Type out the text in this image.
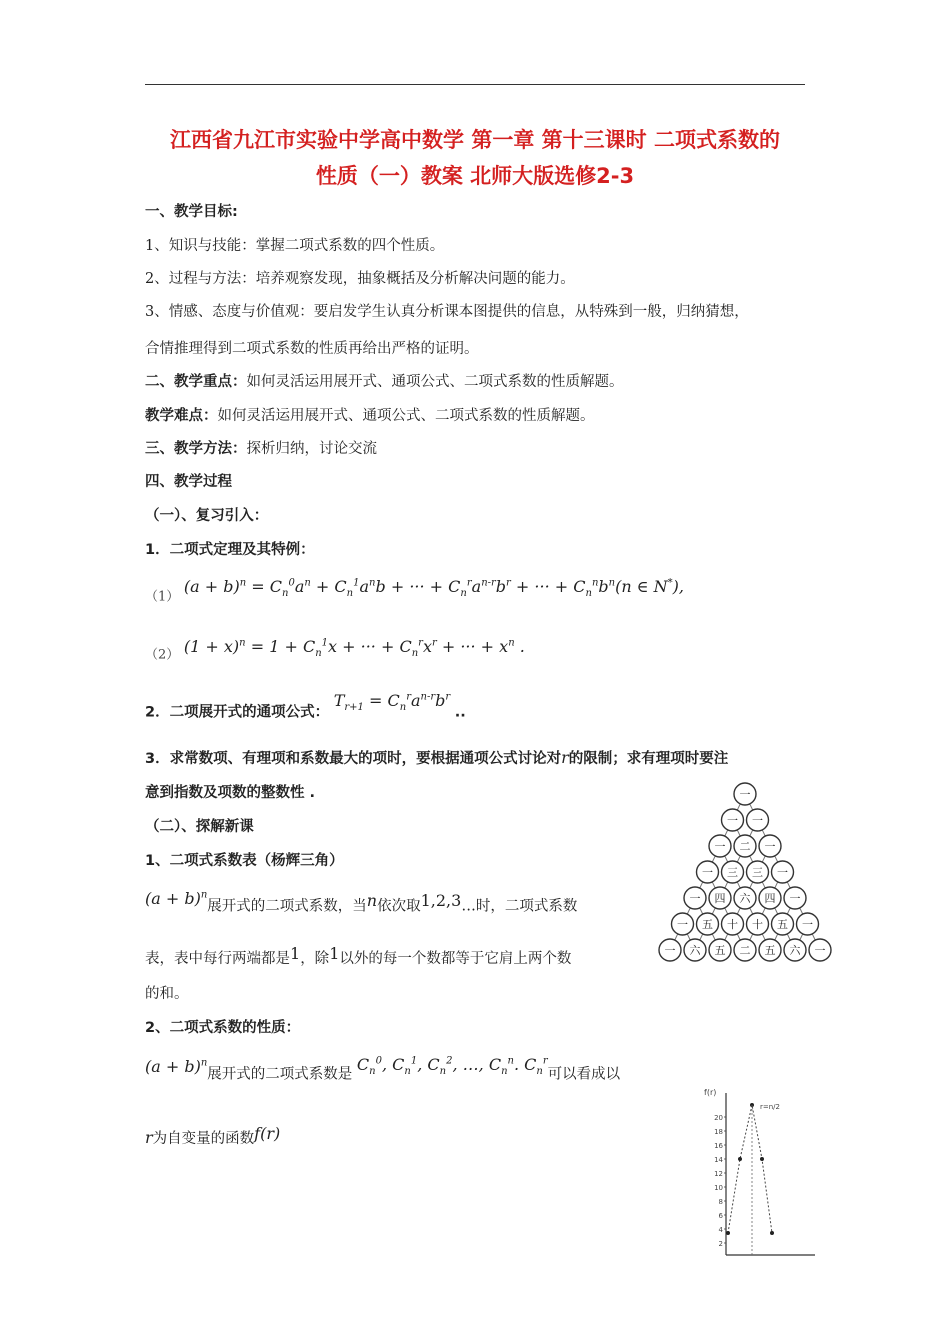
江西省九江市实验中学高中数学 第一章 第十三课时 二项式系数的
性质（一）教案 北师大版选修2-3
一、教学目标:
1、知识与技能：掌握二项式系数的四个性质。
2、过程与方法：培养观察发现，抽象概括及分析解决问题的能力。
3、情感、态度与价值观：要启发学生认真分析课本图提供的信息，从特殊到一般，归纳猜想，
合情推理得到二项式系数的性质再给出严格的证明。
二、教学重点：如何灵活运用展开式、通项公式、二项式系数的性质解题。
教学难点：如何灵活运用展开式、通项公式、二项式系数的性质解题。
三、教学方法：探析归纳，讨论交流
四、教学过程
（一）、复习引入：
1．二项式定理及其特例：
（1） $(a + b)^n = C_n^0a^n + C_n^1a^nb$ + ··· + $C_n^ra^{n-r}b^r$ + ··· + $C_n^nb^n(n$ ∈ N*),
（2） $(1 + x)^n = 1 + C_n^1x$ + ··· + $C_n^rx^r$ + ··· + $x^n$ .
2．二项展开式的通项公式： $T_{r+1} = C_n^ra^{n-r}b^r$ ..
3．求常数项、有理项和系数最大的项时，要根据通项公式讨论对r的限制；求有理项时要注
意到指数及项数的整数性 .
（二）、探解新课
1、二项式系数表（杨辉三角）
$(a + b)^n$展开式的二项式系数，当n依次取1,2,3…时，二项式系数
表，表中每行两端都是1，除1以外的每一个数都等于它肩上两个数
的和。
2、二项式系数的性质：
$(a + b)^n$展开式的二项式系数是 $C_n^0$, $C_n^1$, $C_n^2$, …, $C_n^n$. $C_n^r$可以看成以
r为自变量的函数f(r)
一
一 一
一 二 一
一 三 三 一
一 四 六 四 一
一 五 十 十 五 一
一 六 五 二 五 六 一
f(r)
20
18
16
14
12
10
8
6
4
2
r=n/2
